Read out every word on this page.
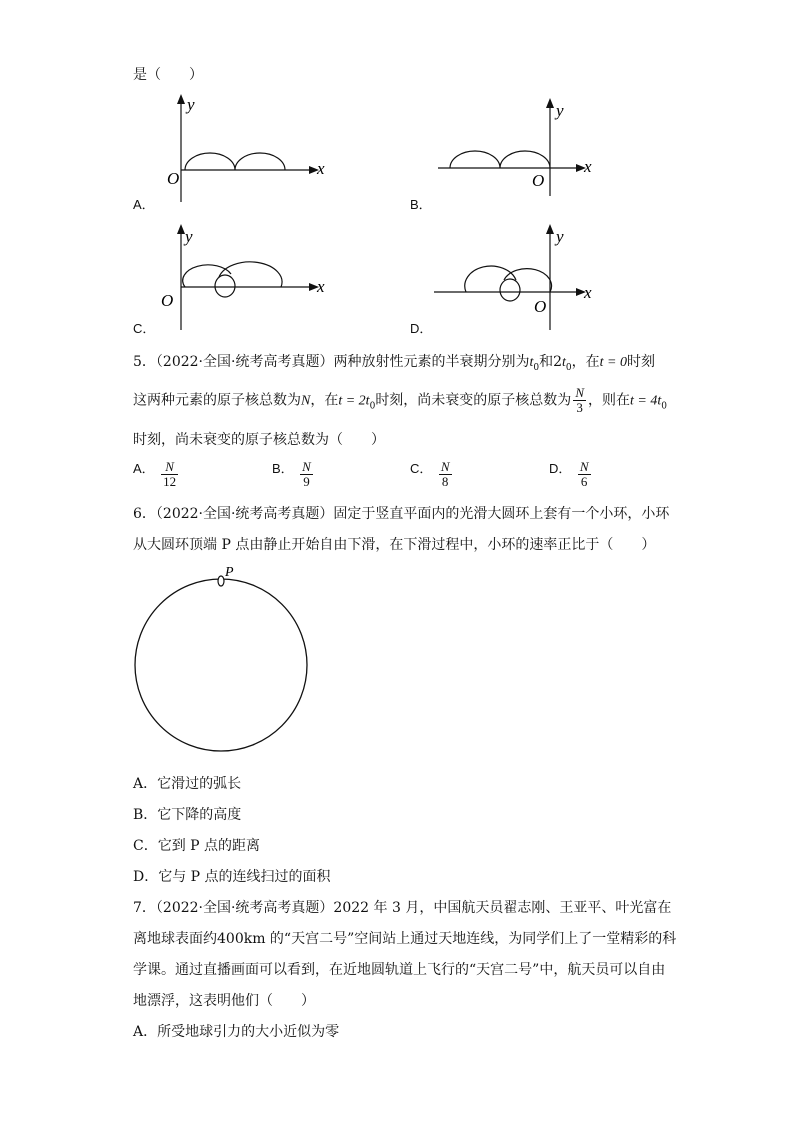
是（　　）
y
x
O
A．
y
x
O
B．
y
x
O
C．
y
x
O
D．
5．（2022·全国·统考高考真题）两种放射性元素的半衰期分别为$t_0$和$2t_0$，在t = 0时刻
这两种元素的原子核总数为N，在$t = 2t_0$时刻，尚未衰变的原子核总数为 $\frac{N}{3}$ ，则在$t = 4t_0$
时刻，尚未衰变的原子核总数为（　　）
A． $\frac{N}{12}$	B． $\frac{N}{9}$	C． $\frac{N}{8}$	D． $\frac{N}{6}$
6．（2022·全国·统考高考真题）固定于竖直平面内的光滑大圆环上套有一个小环，小环
从大圆环顶端 P 点由静止开始自由下滑，在下滑过程中，小环的速率正比于（　　）
P
A．它滑过的弧长
B．它下降的高度
C．它到 P 点的距离
D．它与 P 点的连线扫过的面积
7．（2022·全国·统考高考真题）2022 年 3 月，中国航天员翟志刚、王亚平、叶光富在
离地球表面约400km 的“天宫二号”空间站上通过天地连线，为同学们上了一堂精彩的科
学课。通过直播画面可以看到，在近地圆轨道上飞行的“天宫二号”中，航天员可以自由
地漂浮，这表明他们（　　）
A．所受地球引力的大小近似为零
